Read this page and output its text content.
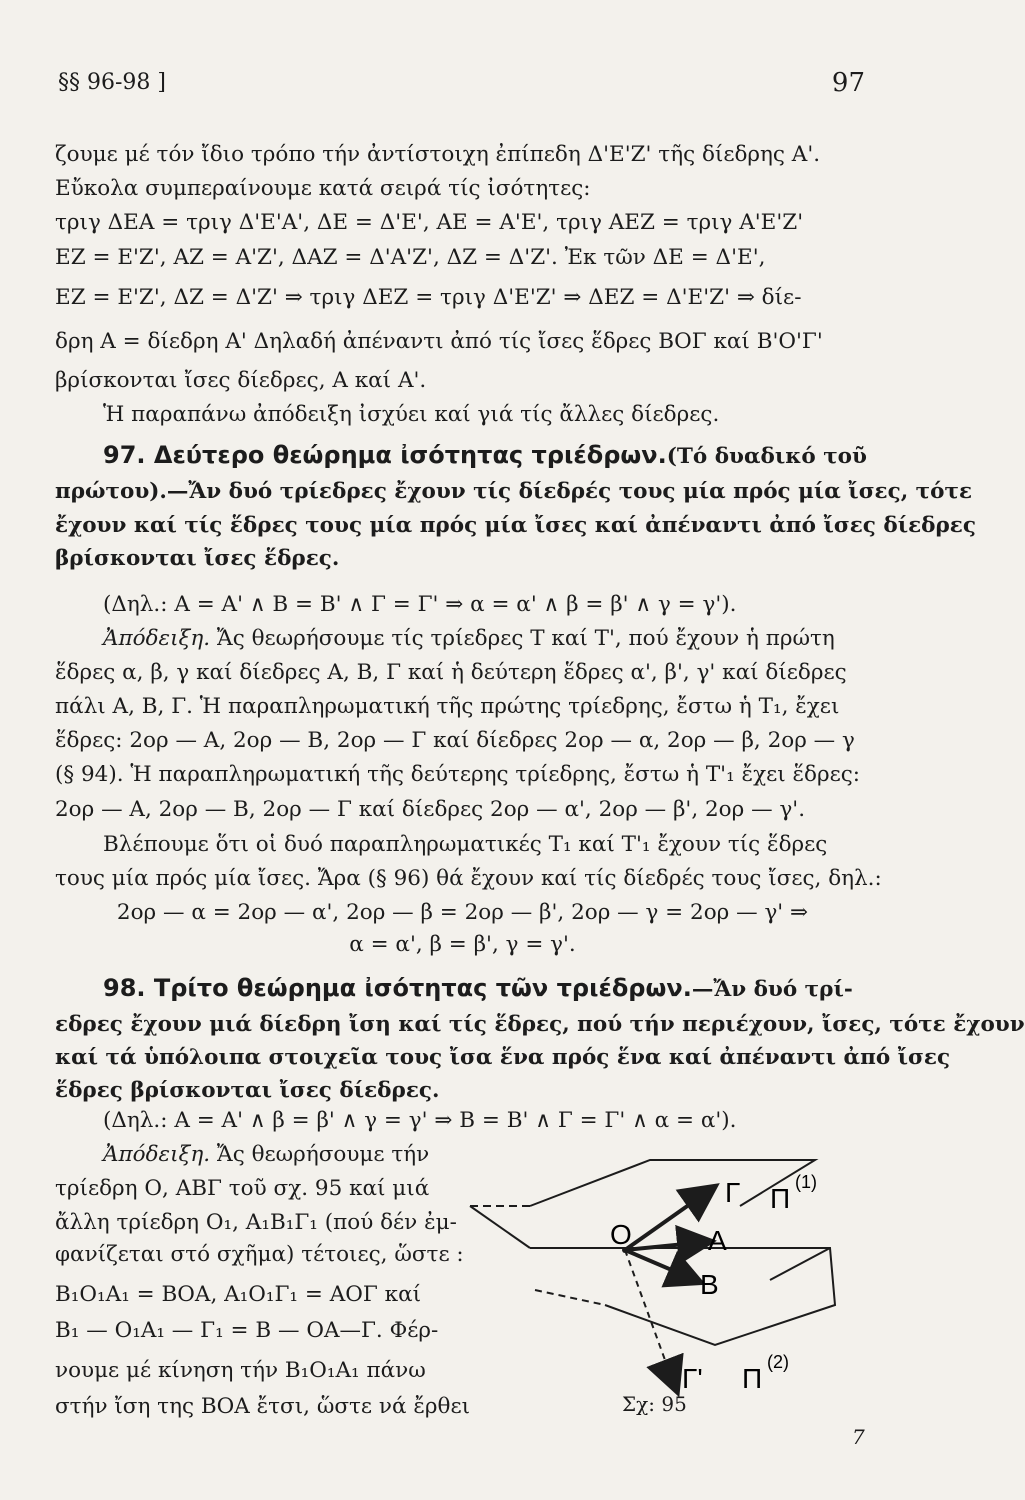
§§ 96-98 ]	97
ζουμε μέ τόν ἴδιο τρόπο τήν ἀντίστοιχη ἐπίπεδη Δ'Ε'Ζ' τῆς δίεδρης Α'.
Εὔκολα συμπεραίνουμε κατά σειρά τίς ἰσότητες:
τριγ ΔΕΑ = τριγ Δ'Ε'Α', ΔΕ = Δ'Ε', ΑΕ = Α'Ε', τριγ ΑΕΖ = τριγ Α'Ε'Ζ'
ΕΖ = Ε'Ζ', ΑΖ = Α'Ζ', ΔΑΖ = Δ'Α'Ζ', ΔΖ = Δ'Ζ'. Ἐκ τῶν ΔΕ = Δ'Ε',
ΕΖ = Ε'Ζ', ΔΖ = Δ'Ζ' ⇒ τριγ ΔΕΖ = τριγ Δ'Ε'Ζ' ⇒ ΔΕΖ = Δ'Ε'Ζ' ⇒ δίε-
δρη Α = δίεδρη Α' Δηλαδή ἀπέναντι ἀπό τίς ἴσες ἕδρες ΒΟΓ καί Β'Ο'Γ'
βρίσκονται ἴσες δίεδρες, Α καί Α'.
Ἡ παραπάνω ἀπόδειξη ἰσχύει καί γιά τίς ἄλλες δίεδρες.
97. Δεύτερο θεώρημα ἰσότητας τριέδρων.(Τό δυαδικό τοῦ
πρώτου).—Ἄν δυό τρίεδρες ἔχουν τίς δίεδρές τους μία πρός μία ἴσες, τότε
ἔχουν καί τίς ἕδρες τους μία πρός μία ἴσες καί ἀπέναντι ἀπό ἴσες δίεδρες
βρίσκονται ἴσες ἕδρες.
(Δηλ.: Α = Α' ∧ Β = Β' ∧ Γ = Γ' ⇒ α = α' ∧ β = β' ∧ γ = γ').
Ἀπόδειξη. Ἄς θεωρήσουμε τίς τρίεδρες Τ καί Τ', πού ἔχουν ἡ πρώτη
ἕδρες α, β, γ καί δίεδρες Α, Β, Γ καί ἡ δεύτερη ἕδρες α', β', γ' καί δίεδρες
πάλι Α, Β, Γ. Ἡ παραπληρωματική τῆς πρώτης τρίεδρης, ἔστω ἡ Τ₁, ἔχει
ἕδρες: 2ορ — Α, 2ορ — Β, 2ορ — Γ καί δίεδρες 2ορ — α, 2ορ — β, 2ορ — γ
(§ 94). Ἡ παραπληρωματική τῆς δεύτερης τρίεδρης, ἔστω ἡ Τ'₁ ἔχει ἕδρες:
2ορ — Α, 2ορ — Β, 2ορ — Γ καί δίεδρες 2ορ — α', 2ορ — β', 2ορ — γ'.
Βλέπουμε ὅτι οἱ δυό παραπληρωματικές Τ₁ καί Τ'₁ ἔχουν τίς ἕδρες
τους μία πρός μία ἴσες. Ἄρα (§ 96) θά ἔχουν καί τίς δίεδρές τους ἴσες, δηλ.:
2ορ — α = 2ορ — α', 2ορ — β = 2ορ — β', 2ορ — γ = 2ορ — γ' ⇒
α = α', β = β', γ = γ'.
98. Τρίτο θεώρημα ἰσότητας τῶν τριέδρων.—Ἄν δυό τρί-
εδρες ἔχουν μιά δίεδρη ἴση καί τίς ἕδρες, πού τήν περιέχουν, ἴσες, τότε ἔχουν
καί τά ὑπόλοιπα στοιχεῖα τους ἴσα ἕνα πρός ἕνα καί ἀπέναντι ἀπό ἴσες
ἕδρες βρίσκονται ἴσες δίεδρες.
(Δηλ.: Α = Α' ∧ β = β' ∧ γ = γ' ⇒ Β = Β' ∧ Γ = Γ' ∧ α = α').
Ἀπόδειξη. Ἄς θεωρήσουμε τήν
τρίεδρη Ο, ΑΒΓ τοῦ σχ. 95 καί μιά
ἄλλη τρίεδρη Ο₁, Α₁Β₁Γ₁ (πού δέν ἐμ-
φανίζεται στό σχῆμα) τέτοιες, ὥστε :
Β₁Ο₁Α₁ = ΒΟΑ, Α₁Ο₁Γ₁ = ΑΟΓ καί
Β₁ — Ο₁Α₁ — Γ₁ = Β — ΟΑ—Γ. Φέρ-
νουμε μέ κίνηση τήν Β₁Ο₁Α₁ πάνω
στήν ἴση της ΒΟΑ ἔτσι, ὥστε νά ἔρθει
Γ Π
(1)
O	Α
Β
Γ' Π
(2)
Σχ: 95
7
